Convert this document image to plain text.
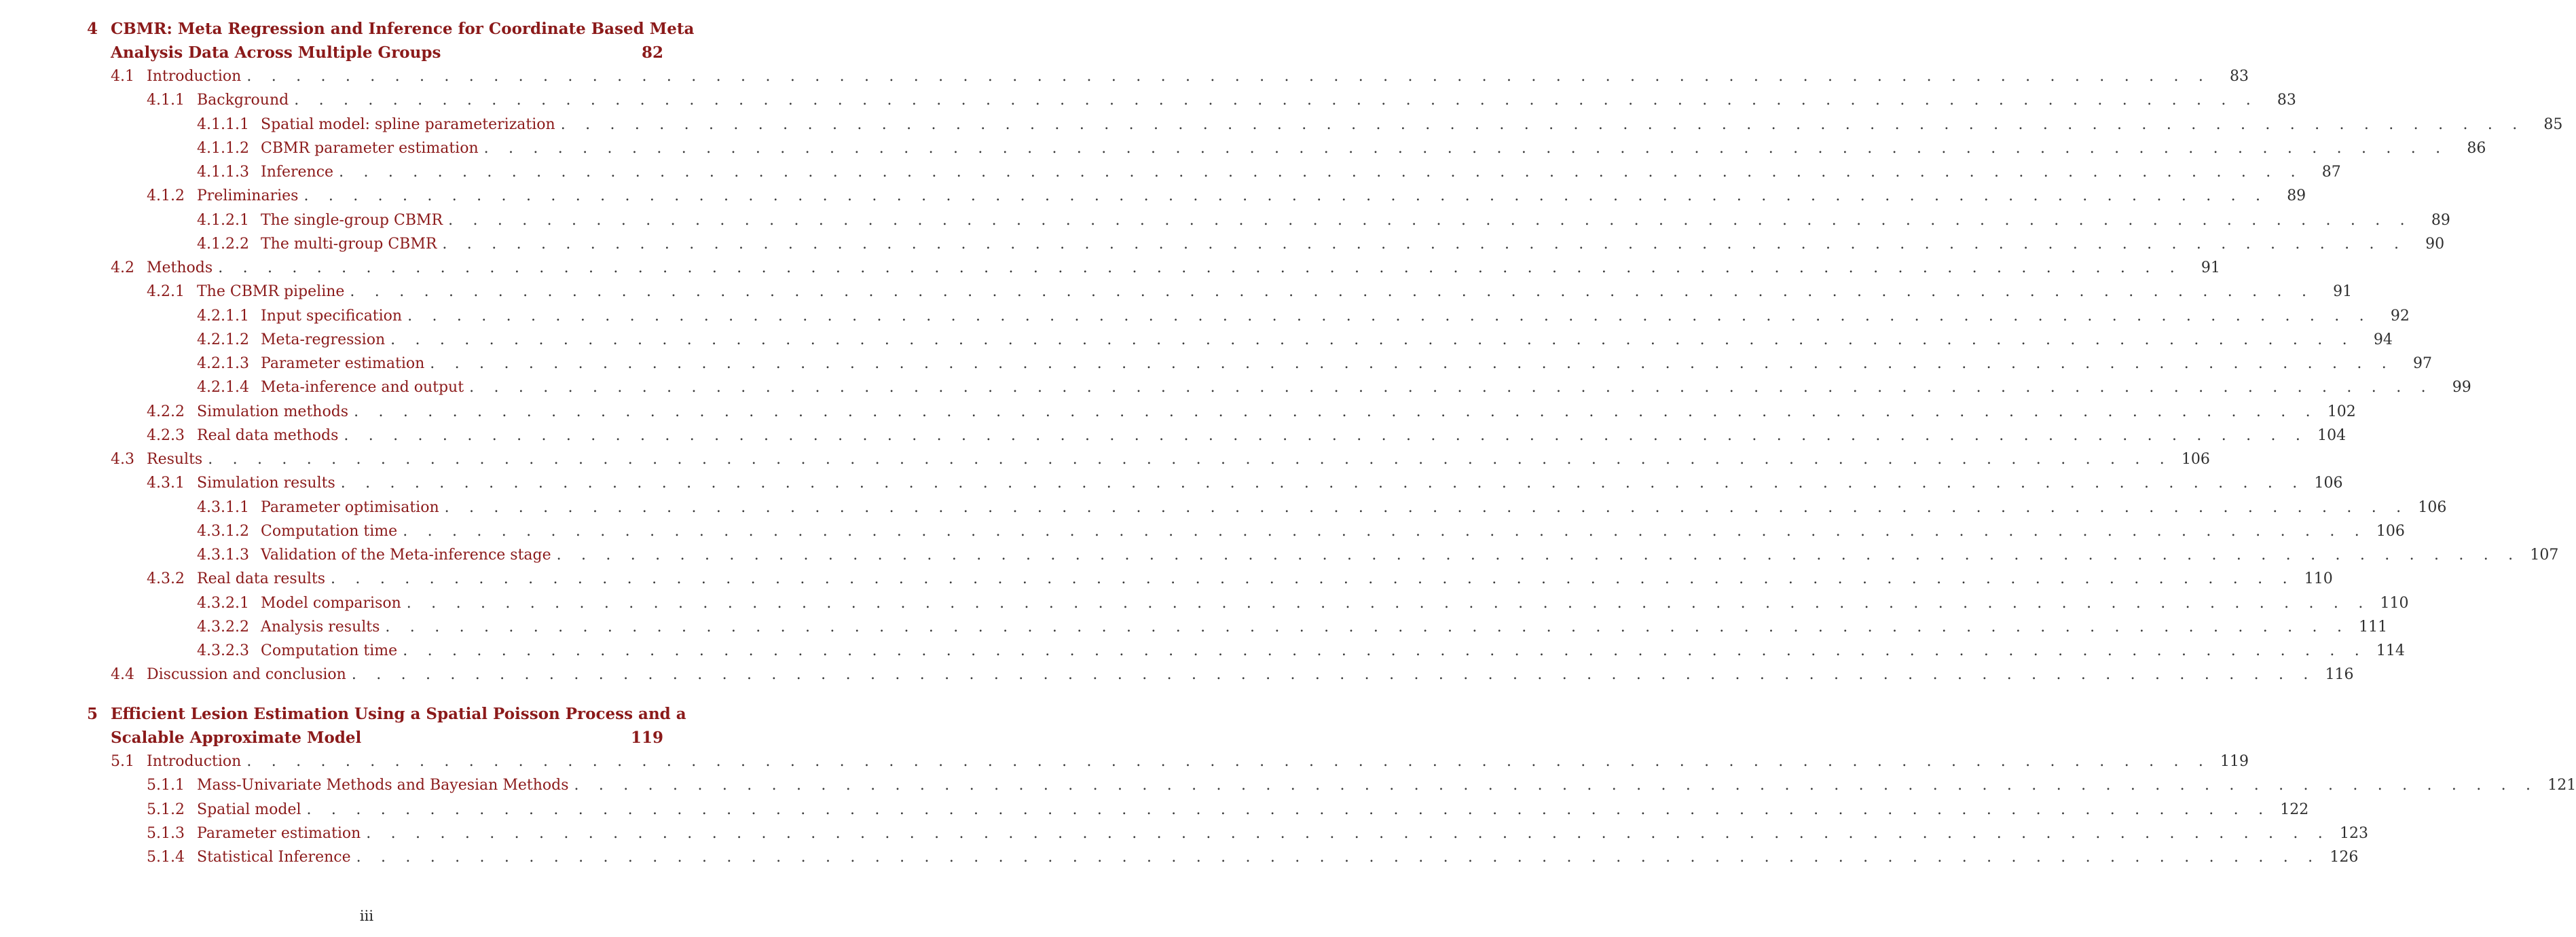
4 CBMR: Meta Regression and Inference for Coordinate Based Meta
Analysis Data Across Multiple Groups	82
4.1 Introduction . . . . . . . . . . . . . . . . . . . . . . . . . . . . . . . . . . . . . . . . . . . . . . . . . . . . . . . . . . . . . . . . . . . . . . . . . . . . . . . .	83
4.1.1 Background . . . . . . . . . . . . . . . . . . . . . . . . . . . . . . . . . . . . . . . . . . . . . . . . . . . . . . . . . . . . . . . . . . . . . . . . . . . . . . . .	83
4.1.1.1 Spatial model: spline parameterization . . . . . . . . . . . . . . . . . . . . . . . . . . . . . . . . . . . . . . . . . . . . . . . . . . . . . . . . . . . . . . . . . . . . . . . . . . . . . . . .	85
4.1.1.2 CBMR parameter estimation . . . . . . . . . . . . . . . . . . . . . . . . . . . . . . . . . . . . . . . . . . . . . . . . . . . . . . . . . . . . . . . . . . . . . . . . . . . . . . . .	86
4.1.1.3 Inference . . . . . . . . . . . . . . . . . . . . . . . . . . . . . . . . . . . . . . . . . . . . . . . . . . . . . . . . . . . . . . . . . . . . . . . . . . . . . . . .	87
4.1.2 Preliminaries . . . . . . . . . . . . . . . . . . . . . . . . . . . . . . . . . . . . . . . . . . . . . . . . . . . . . . . . . . . . . . . . . . . . . . . . . . . . . . . .	89
4.1.2.1 The single-group CBMR . . . . . . . . . . . . . . . . . . . . . . . . . . . . . . . . . . . . . . . . . . . . . . . . . . . . . . . . . . . . . . . . . . . . . . . . . . . . . . . .	89
4.1.2.2 The multi-group CBMR . . . . . . . . . . . . . . . . . . . . . . . . . . . . . . . . . . . . . . . . . . . . . . . . . . . . . . . . . . . . . . . . . . . . . . . . . . . . . . . .	90
4.2 Methods . . . . . . . . . . . . . . . . . . . . . . . . . . . . . . . . . . . . . . . . . . . . . . . . . . . . . . . . . . . . . . . . . . . . . . . . . . . . . . . .	91
4.2.1 The CBMR pipeline . . . . . . . . . . . . . . . . . . . . . . . . . . . . . . . . . . . . . . . . . . . . . . . . . . . . . . . . . . . . . . . . . . . . . . . . . . . . . . . .	91
4.2.1.1 Input specification . . . . . . . . . . . . . . . . . . . . . . . . . . . . . . . . . . . . . . . . . . . . . . . . . . . . . . . . . . . . . . . . . . . . . . . . . . . . . . . .	92
4.2.1.2 Meta-regression . . . . . . . . . . . . . . . . . . . . . . . . . . . . . . . . . . . . . . . . . . . . . . . . . . . . . . . . . . . . . . . . . . . . . . . . . . . . . . . .	94
4.2.1.3 Parameter estimation . . . . . . . . . . . . . . . . . . . . . . . . . . . . . . . . . . . . . . . . . . . . . . . . . . . . . . . . . . . . . . . . . . . . . . . . . . . . . . . .	97
4.2.1.4 Meta-inference and output . . . . . . . . . . . . . . . . . . . . . . . . . . . . . . . . . . . . . . . . . . . . . . . . . . . . . . . . . . . . . . . . . . . . . . . . . . . . . . . .	99
4.2.2 Simulation methods . . . . . . . . . . . . . . . . . . . . . . . . . . . . . . . . . . . . . . . . . . . . . . . . . . . . . . . . . . . . . . . . . . . . . . . . . . . . . . . . 102
4.2.3 Real data methods . . . . . . . . . . . . . . . . . . . . . . . . . . . . . . . . . . . . . . . . . . . . . . . . . . . . . . . . . . . . . . . . . . . . . . . . . . . . . . . . 104
4.3 Results . . . . . . . . . . . . . . . . . . . . . . . . . . . . . . . . . . . . . . . . . . . . . . . . . . . . . . . . . . . . . . . . . . . . . . . . . . . . . . . . 106
4.3.1 Simulation results . . . . . . . . . . . . . . . . . . . . . . . . . . . . . . . . . . . . . . . . . . . . . . . . . . . . . . . . . . . . . . . . . . . . . . . . . . . . . . . . 106
4.3.1.1 Parameter optimisation . . . . . . . . . . . . . . . . . . . . . . . . . . . . . . . . . . . . . . . . . . . . . . . . . . . . . . . . . . . . . . . . . . . . . . . . . . . . . . . . 106
4.3.1.2 Computation time . . . . . . . . . . . . . . . . . . . . . . . . . . . . . . . . . . . . . . . . . . . . . . . . . . . . . . . . . . . . . . . . . . . . . . . . . . . . . . . . 106
4.3.1.3 Validation of the Meta-inference stage . . . . . . . . . . . . . . . . . . . . . . . . . . . . . . . . . . . . . . . . . . . . . . . . . . . . . . . . . . . . . . . . . . . . . . . . . . . . . . . . 107
4.3.2 Real data results . . . . . . . . . . . . . . . . . . . . . . . . . . . . . . . . . . . . . . . . . . . . . . . . . . . . . . . . . . . . . . . . . . . . . . . . . . . . . . . . 110
4.3.2.1 Model comparison . . . . . . . . . . . . . . . . . . . . . . . . . . . . . . . . . . . . . . . . . . . . . . . . . . . . . . . . . . . . . . . . . . . . . . . . . . . . . . . . 110
4.3.2.2 Analysis results . . . . . . . . . . . . . . . . . . . . . . . . . . . . . . . . . . . . . . . . . . . . . . . . . . . . . . . . . . . . . . . . . . . . . . . . . . . . . . . . 111
4.3.2.3 Computation time . . . . . . . . . . . . . . . . . . . . . . . . . . . . . . . . . . . . . . . . . . . . . . . . . . . . . . . . . . . . . . . . . . . . . . . . . . . . . . . . 114
4.4 Discussion and conclusion . . . . . . . . . . . . . . . . . . . . . . . . . . . . . . . . . . . . . . . . . . . . . . . . . . . . . . . . . . . . . . . . . . . . . . . . . . . . . . . . 116
5 Efficient Lesion Estimation Using a Spatial Poisson Process and a
Scalable Approximate Model	119
5.1 Introduction . . . . . . . . . . . . . . . . . . . . . . . . . . . . . . . . . . . . . . . . . . . . . . . . . . . . . . . . . . . . . . . . . . . . . . . . . . . . . . . . 119
5.1.1 Mass-Univariate Methods and Bayesian Methods . . . . . . . . . . . . . . . . . . . . . . . . . . . . . . . . . . . . . . . . . . . . . . . . . . . . . . . . . . . . . . . . . . . . . . . . . . . . . . . . 121
5.1.2 Spatial model . . . . . . . . . . . . . . . . . . . . . . . . . . . . . . . . . . . . . . . . . . . . . . . . . . . . . . . . . . . . . . . . . . . . . . . . . . . . . . . . 122
5.1.3 Parameter estimation . . . . . . . . . . . . . . . . . . . . . . . . . . . . . . . . . . . . . . . . . . . . . . . . . . . . . . . . . . . . . . . . . . . . . . . . . . . . . . . . 123
5.1.4 Statistical Inference . . . . . . . . . . . . . . . . . . . . . . . . . . . . . . . . . . . . . . . . . . . . . . . . . . . . . . . . . . . . . . . . . . . . . . . . . . . . . . . . 126
iii
